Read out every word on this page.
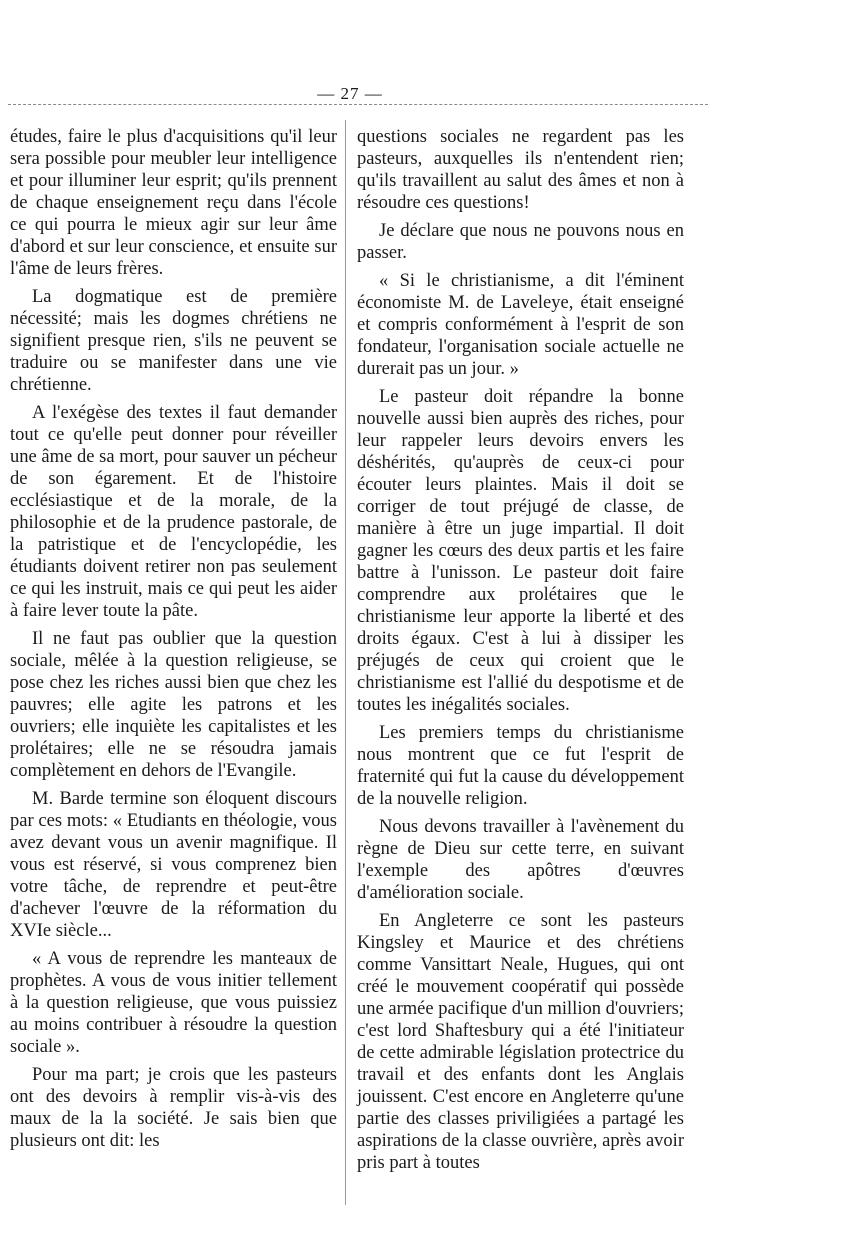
— 27 —

études, faire le plus d'acquisitions qu'il leur sera possible pour meubler leur intelligence et pour illuminer leur esprit; qu'ils prennent de chaque enseignement reçu dans l'école ce qui pourra le mieux agir sur leur âme d'abord et sur leur conscience, et ensuite sur l'âme de leurs frères.

La dogmatique est de première nécessité; mais les dogmes chrétiens ne signifient presque rien, s'ils ne peuvent se traduire ou se manifester dans une vie chrétienne.

A l'exégèse des textes il faut demander tout ce qu'elle peut donner pour réveiller une âme de sa mort, pour sauver un pécheur de son égarement. Et de l'histoire ecclésiastique et de la morale, de la philosophie et de la prudence pastorale, de la patristique et de l'encyclopédie, les étudiants doivent retirer non pas seulement ce qui les instruit, mais ce qui peut les aider à faire lever toute la pâte.

Il ne faut pas oublier que la question sociale, mêlée à la question religieuse, se pose chez les riches aussi bien que chez les pauvres; elle agite les patrons et les ouvriers; elle inquiète les capitalistes et les prolétaires; elle ne se résoudra jamais complètement en dehors de l'Evangile.

M. Barde termine son éloquent discours par ces mots: « Etudiants en théologie, vous avez devant vous un avenir magnifique. Il vous est réservé, si vous comprenez bien votre tâche, de reprendre et peut-être d'achever l'œuvre de la réformation du XVIe siècle...

« A vous de reprendre les manteaux de prophètes. A vous de vous initier tellement à la question religieuse, que vous puissiez au moins contribuer à résoudre la question sociale ».

Pour ma part; je crois que les pasteurs ont des devoirs à remplir vis-à-vis des maux de la la société. Je sais bien que plusieurs ont dit: les

questions sociales ne regardent pas les pasteurs, auxquelles ils n'entendent rien; qu'ils travaillent au salut des âmes et non à résoudre ces questions!

Je déclare que nous ne pouvons nous en passer.

« Si le christianisme, a dit l'éminent économiste M. de Laveleye, était enseigné et compris conformément à l'esprit de son fondateur, l'organisation sociale actuelle ne durerait pas un jour. »

Le pasteur doit répandre la bonne nouvelle aussi bien auprès des riches, pour leur rappeler leurs devoirs envers les déshérités, qu'auprès de ceux-ci pour écouter leurs plaintes. Mais il doit se corriger de tout préjugé de classe, de manière à être un juge impartial. Il doit gagner les cœurs des deux partis et les faire battre à l'unisson. Le pasteur doit faire comprendre aux prolétaires que le christianisme leur apporte la liberté et des droits égaux. C'est à lui à dissiper les préjugés de ceux qui croient que le christianisme est l'allié du despotisme et de toutes les inégalités sociales.

Les premiers temps du christianisme nous montrent que ce fut l'esprit de fraternité qui fut la cause du développement de la nouvelle religion.

Nous devons travailler à l'avènement du règne de Dieu sur cette terre, en suivant l'exemple des apôtres d'œuvres d'amélioration sociale.

En Angleterre ce sont les pasteurs Kingsley et Maurice et des chrétiens comme Vansittart Neale, Hugues, qui ont créé le mouvement coopératif qui possède une armée pacifique d'un million d'ouvriers; c'est lord Shaftesbury qui a été l'initiateur de cette admirable législation protectrice du travail et des enfants dont les Anglais jouissent. C'est encore en Angleterre qu'une partie des classes priviligiées a partagé les aspirations de la classe ouvrière, après avoir pris part à toutes
